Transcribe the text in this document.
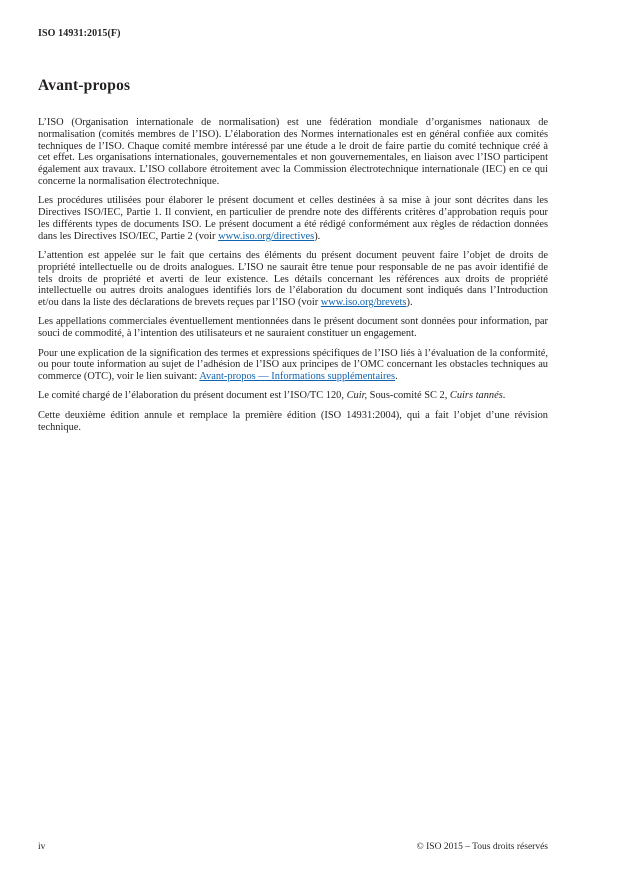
ISO 14931:2015(F)
Avant-propos

L’ISO (Organisation internationale de normalisation) est une fédération mondiale d’organismes nationaux de normalisation (comités membres de l’ISO). L’élaboration des Normes internationales est en général confiée aux comités techniques de l’ISO. Chaque comité membre intéressé par une étude a le droit de faire partie du comité technique créé à cet effet. Les organisations internationales, gouvernementales et non gouvernementales, en liaison avec l’ISO participent également aux travaux. L’ISO collabore étroitement avec la Commission électrotechnique internationale (IEC) en ce qui concerne la normalisation électrotechnique.

Les procédures utilisées pour élaborer le présent document et celles destinées à sa mise à jour sont décrites dans les Directives ISO/IEC, Partie 1. Il convient, en particulier de prendre note des différents critères d’approbation requis pour les différents types de documents ISO. Le présent document a été rédigé conformément aux règles de rédaction données dans les Directives ISO/IEC, Partie 2 (voir www.iso.org/directives).

L’attention est appelée sur le fait que certains des éléments du présent document peuvent faire l’objet de droits de propriété intellectuelle ou de droits analogues. L’ISO ne saurait être tenue pour responsable de ne pas avoir identifié de tels droits de propriété et averti de leur existence. Les détails concernant les références aux droits de propriété intellectuelle ou autres droits analogues identifiés lors de l’élaboration du document sont indiqués dans l’Introduction et/ou dans la liste des déclarations de brevets reçues par l’ISO (voir www.iso.org/brevets).

Les appellations commerciales éventuellement mentionnées dans le présent document sont données pour information, par souci de commodité, à l’intention des utilisateurs et ne sauraient constituer un engagement.

Pour une explication de la signification des termes et expressions spécifiques de l’ISO liés à l’évaluation de la conformité, ou pour toute information au sujet de l’adhésion de l’ISO aux principes de l’OMC concernant les obstacles techniques au commerce (OTC), voir le lien suivant: Avant-propos — Informations supplémentaires.

Le comité chargé de l’élaboration du présent document est l’ISO/TC 120, Cuir, Sous-comité SC 2, Cuirs tannés.

Cette deuxième édition annule et remplace la première édition (ISO 14931:2004), qui a fait l’objet d’une révision technique.

iv	© ISO 2015 – Tous droits réservés
